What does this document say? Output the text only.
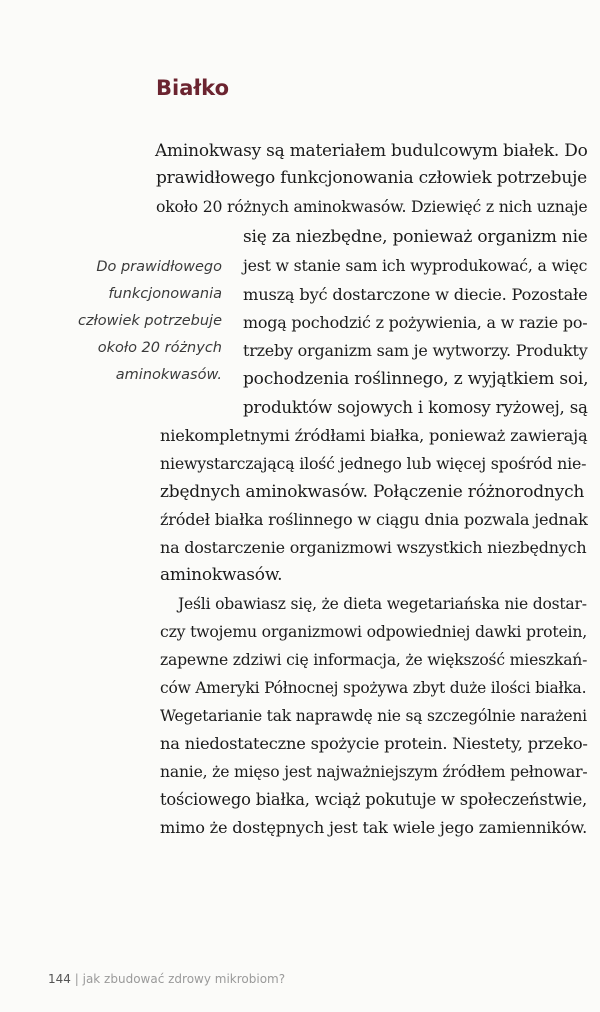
Białko
Do prawidłowego
funkcjonowania
człowiek potrzebuje
około 20 różnych
aminokwasów.
Aminokwasy są materiałem budulcowym białek. Do
prawidłowego funkcjonowania człowiek potrzebuje
około 20 różnych aminokwasów. Dziewięć z nich uznaje
się za niezbędne, ponieważ organizm nie
jest w stanie sam ich wyprodukować, a więc
muszą być dostarczone w diecie. Pozostałe
mogą pochodzić z pożywienia, a w razie po-
trzeby organizm sam je wytworzy. Produkty
pochodzenia roślinnego, z wyjątkiem soi,
produktów sojowych i komosy ryżowej, są
niekompletnymi źródłami białka, ponieważ zawierają
niewystarczającą ilość jednego lub więcej spośród nie-
zbędnych aminokwasów. Połączenie różnorodnych
źródeł białka roślinnego w ciągu dnia pozwala jednak
na dostarczenie organizmowi wszystkich niezbędnych
aminokwasów.
Jeśli obawiasz się, że dieta wegetariańska nie dostar-
czy twojemu organizmowi odpowiedniej dawki protein,
zapewne zdziwi cię informacja, że większość mieszkań-
ców Ameryki Północnej spożywa zbyt duże ilości białka.
Wegetarianie tak naprawdę nie są szczególnie narażeni
na niedostateczne spożycie protein. Niestety, przeko-
nanie, że mięso jest najważniejszym źródłem pełnowar-
tościowego białka, wciąż pokutuje w społeczeństwie,
mimo że dostępnych jest tak wiele jego zamienników.
144 | jak zbudować zdrowy mikrobiom?
